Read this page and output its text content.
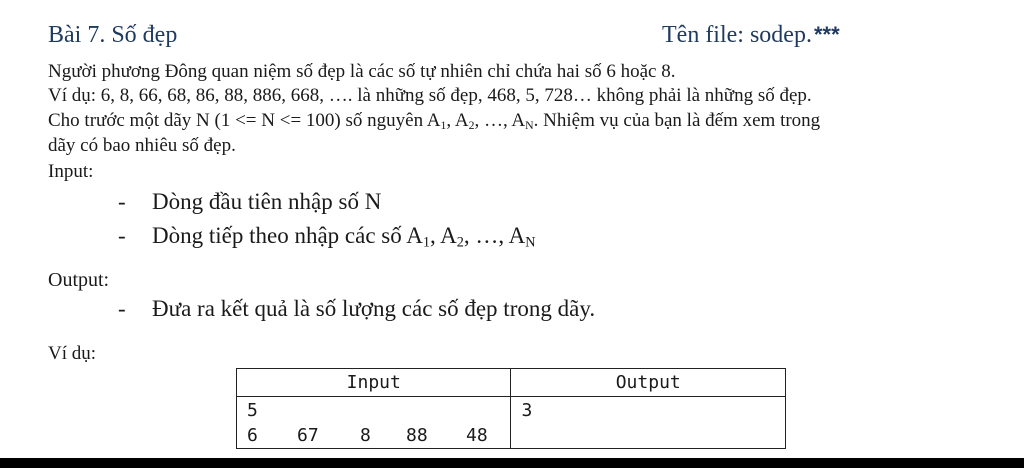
Bài 7. Số đẹp	Tên file: sodep.***
Người phương Đông quan niệm số đẹp là các số tự nhiên chỉ chứa hai số 6 hoặc 8.
Ví dụ: 6, 8, 66, 68, 86, 88, 886, 668, …. là những số đẹp, 468, 5, 728… không phải là những số đẹp.
Cho trước một dãy N (1 <= N <= 100) số nguyên $A_1$, $A_2$, …, $A_N$. Nhiệm vụ của bạn là đếm xem trong
dãy có bao nhiêu số đẹp.
Input:
- Dòng đầu tiên nhập số N
- Dòng tiếp theo nhập các số $A_1$, $A_2$, …, $A_N$
Output:
- Đưa ra kết quả là số lượng các số đẹp trong dãy.
Ví dụ:
Input	Output

5
6 67 8 88 48	3
